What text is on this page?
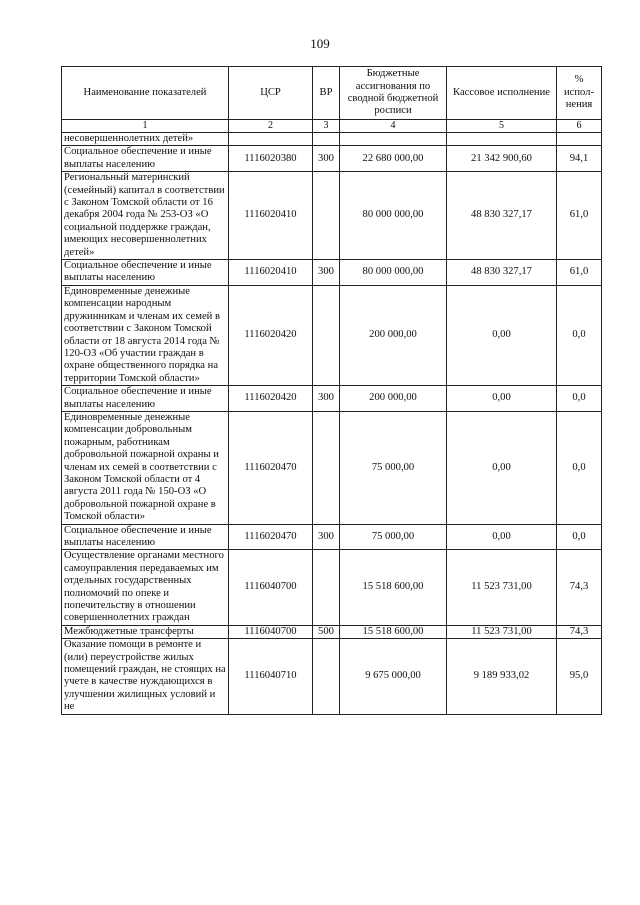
109
Наименование показателей	ЦСР	ВР	Бюджетные ассигнования по сводной бюджетной росписи	Кассовое исполнение	% испол-нения
1	2	3	4	5	6
несовершеннолетних детей»					
Социальное обеспечение и иные выплаты населению	1116020380	300	22 680 000,00	21 342 900,60	94,1
Региональный материнский (семейный) капитал в соответствии с Законом Томской области от 16 декабря 2004 года № 253-ОЗ «О социальной поддержке граждан, имеющих несовершеннолетних детей»	1116020410		80 000 000,00	48 830 327,17	61,0
Социальное обеспечение и иные выплаты населению	1116020410	300	80 000 000,00	48 830 327,17	61,0
Единовременные денежные компенсации народным дружинникам и членам их семей в соответствии с Законом Томской области от 18 августа 2014 года № 120-ОЗ «Об участии граждан в охране общественного порядка на территории Томской области»	1116020420		200 000,00	0,00	0,0
Социальное обеспечение и иные выплаты населению	1116020420	300	200 000,00	0,00	0,0
Единовременные денежные компенсации добровольным пожарным, работникам добровольной пожарной охраны и членам их семей в соответствии с Законом Томской области от 4 августа 2011 года № 150-ОЗ «О добровольной пожарной охране в Томской области»	1116020470		75 000,00	0,00	0,0
Социальное обеспечение и иные выплаты населению	1116020470	300	75 000,00	0,00	0,0
Осуществление органами местного самоуправления передаваемых им отдельных государственных полномочий по опеке и попечительству в отношении совершеннолетних граждан	1116040700		15 518 600,00	11 523 731,00	74,3
Межбюджетные трансферты	1116040700	500	15 518 600,00	11 523 731,00	74,3
Оказание помощи в ремонте и (или) переустройстве жилых помещений граждан, не стоящих на учете в качестве нуждающихся в улучшении жилищных условий и не	1116040710		9 675 000,00	9 189 933,02	95,0
